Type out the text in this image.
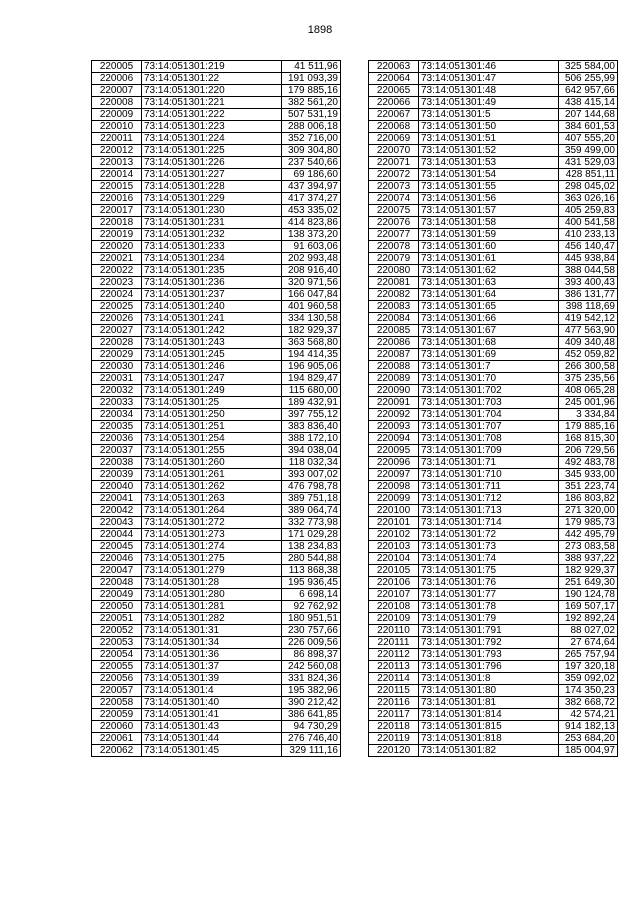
1898
220005	73:14:051301:219	41 511,96
220006	73:14:051301:22	191 093,39
220007	73:14:051301:220	179 885,16
220008	73:14:051301:221	382 561,20
220009	73:14:051301:222	507 531,19
220010	73:14:051301:223	288 006,18
220011	73:14:051301:224	352 716,00
220012	73:14:051301:225	309 304,80
220013	73:14:051301:226	237 540,66
220014	73:14:051301:227	69 186,60
220015	73:14:051301:228	437 394,97
220016	73:14:051301:229	417 374,27
220017	73:14:051301:230	453 335,02
220018	73:14:051301:231	414 823,86
220019	73:14:051301:232	138 373,20
220020	73:14:051301:233	91 603,06
220021	73:14:051301:234	202 993,48
220022	73:14:051301:235	208 916,40
220023	73:14:051301:236	320 971,56
220024	73:14:051301:237	166 047,84
220025	73:14:051301:240	401 960,58
220026	73:14:051301:241	334 130,58
220027	73:14:051301:242	182 929,37
220028	73:14:051301:243	363 568,80
220029	73:14:051301:245	194 414,35
220030	73:14:051301:246	196 905,06
220031	73:14:051301:247	194 829,47
220032	73:14:051301:249	115 680,00
220033	73:14:051301:25	189 432,91
220034	73:14:051301:250	397 755,12
220035	73:14:051301:251	383 836,40
220036	73:14:051301:254	388 172,10
220037	73:14:051301:255	394 038,04
220038	73:14:051301:260	118 032,34
220039	73:14:051301:261	393 007,02
220040	73:14:051301:262	476 798,78
220041	73:14:051301:263	389 751,18
220042	73:14:051301:264	389 064,74
220043	73:14:051301:272	332 773,98
220044	73:14:051301:273	171 029,28
220045	73:14:051301:274	138 234,83
220046	73:14:051301:275	280 544,88
220047	73:14:051301:279	113 868,38
220048	73:14:051301:28	195 936,45
220049	73:14:051301:280	6 698,14
220050	73:14:051301:281	92 762,92
220051	73:14:051301:282	180 951,51
220052	73:14:051301:31	230 757,66
220053	73:14:051301:34	226 009,56
220054	73:14:051301:36	86 898,37
220055	73:14:051301:37	242 560,08
220056	73:14:051301:39	331 824,36
220057	73:14:051301:4	195 382,96
220058	73:14:051301:40	390 212,42
220059	73:14:051301:41	386 641,85
220060	73:14:051301:43	94 730,29
220061	73:14:051301:44	276 746,40
220062	73:14:051301:45	329 111,16
220063	73:14:051301:46	325 584,00
220064	73:14:051301:47	506 255,99
220065	73:14:051301:48	642 957,66
220066	73:14:051301:49	438 415,14
220067	73:14:051301:5	207 144,68
220068	73:14:051301:50	384 601,53
220069	73:14:051301:51	407 555,20
220070	73:14:051301:52	359 499,00
220071	73:14:051301:53	431 529,03
220072	73:14:051301:54	428 851,11
220073	73:14:051301:55	298 045,02
220074	73:14:051301:56	363 026,16
220075	73:14:051301:57	405 259,83
220076	73:14:051301:58	400 541,58
220077	73:14:051301:59	410 233,13
220078	73:14:051301:60	456 140,47
220079	73:14:051301:61	445 938,84
220080	73:14:051301:62	388 044,58
220081	73:14:051301:63	393 400,43
220082	73:14:051301:64	386 131,77
220083	73:14:051301:65	398 118,69
220084	73:14:051301:66	419 542,12
220085	73:14:051301:67	477 563,90
220086	73:14:051301:68	409 340,48
220087	73:14:051301:69	452 059,82
220088	73:14:051301:7	266 300,58
220089	73:14:051301:70	375 235,56
220090	73:14:051301:702	408 065,28
220091	73:14:051301:703	245 001,96
220092	73:14:051301:704	3 334,84
220093	73:14:051301:707	179 885,16
220094	73:14:051301:708	168 815,30
220095	73:14:051301:709	206 729,56
220096	73:14:051301:71	492 483,78
220097	73:14:051301:710	345 933,00
220098	73:14:051301:711	351 223,74
220099	73:14:051301:712	186 803,82
220100	73:14:051301:713	271 320,00
220101	73:14:051301:714	179 985,73
220102	73:14:051301:72	442 495,79
220103	73:14:051301:73	273 083,58
220104	73:14:051301:74	388 937,22
220105	73:14:051301:75	182 929,37
220106	73:14:051301:76	251 649,30
220107	73:14:051301:77	190 124,78
220108	73:14:051301:78	169 507,17
220109	73:14:051301:79	192 892,24
220110	73:14:051301:791	88 027,02
220111	73:14:051301:792	27 674,64
220112	73:14:051301:793	265 757,94
220113	73:14:051301:796	197 320,18
220114	73:14:051301:8	359 092,02
220115	73:14:051301:80	174 350,23
220116	73:14:051301:81	382 668,72
220117	73:14:051301:814	42 574,21
220118	73:14:051301:815	914 182,13
220119	73:14:051301:818	253 684,20
220120	73:14:051301:82	185 004,97
